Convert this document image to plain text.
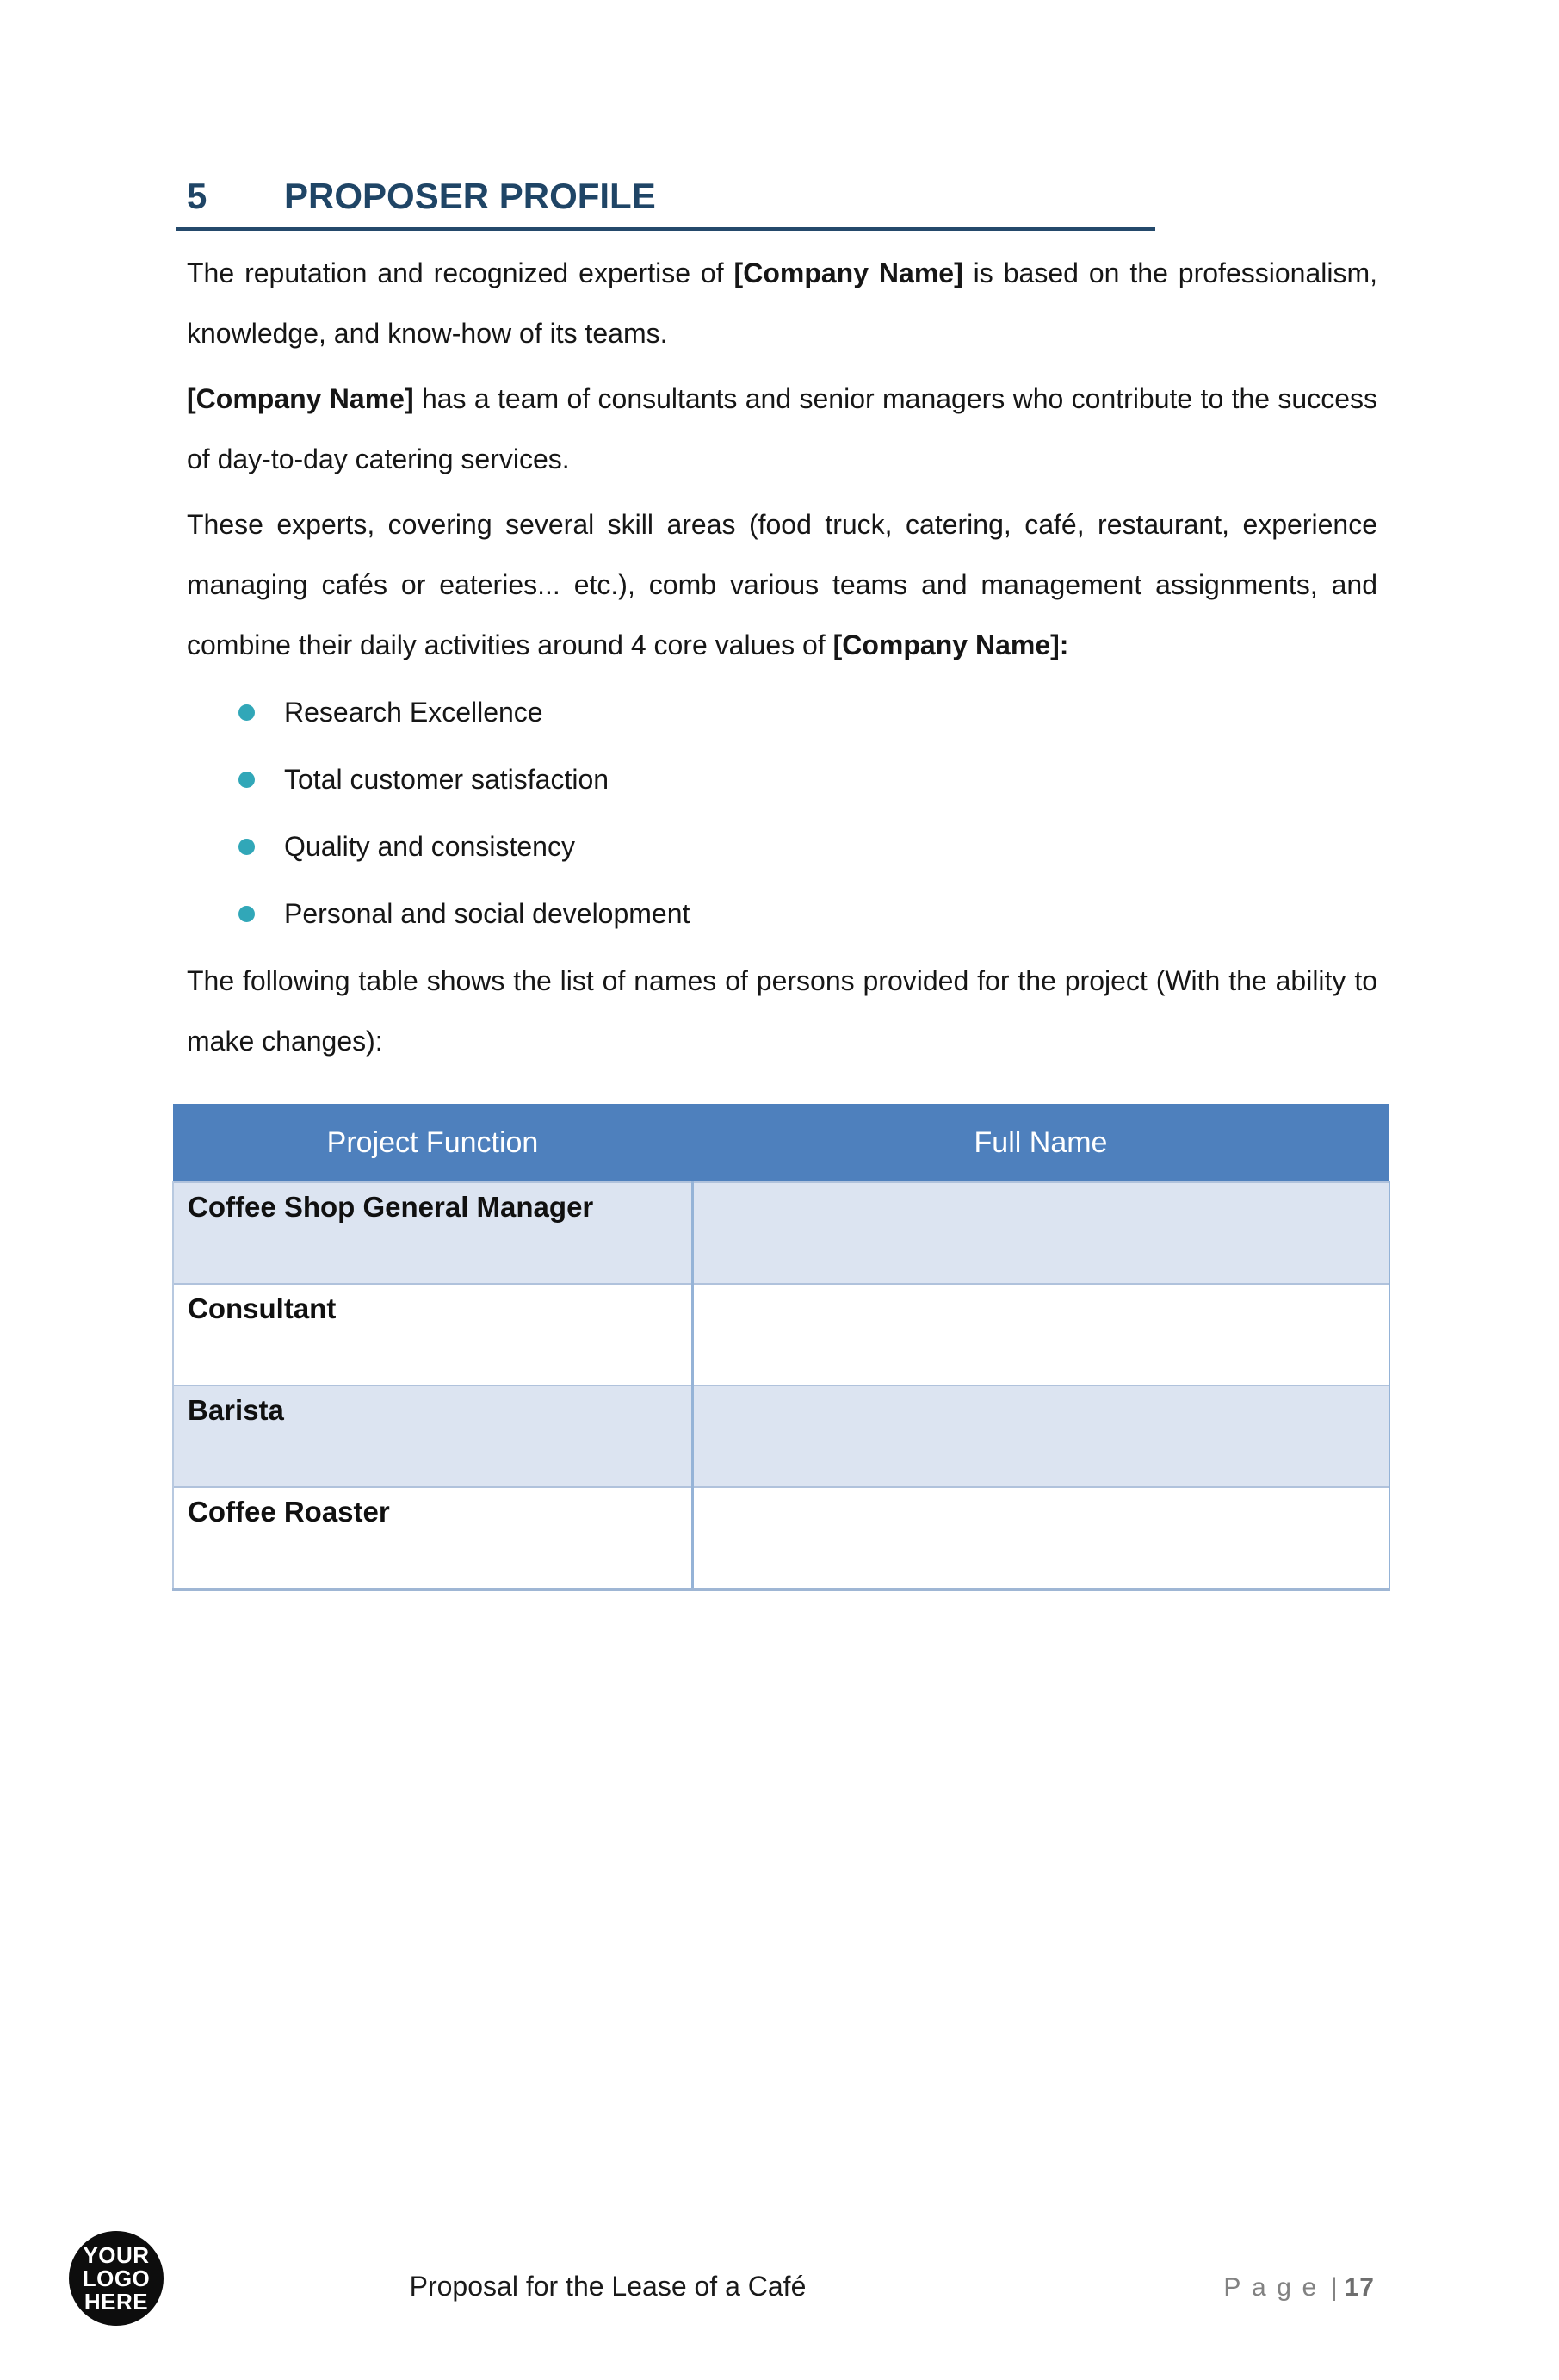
5 PROPOSER PROFILE

The reputation and recognized expertise of [Company Name] is based on the professionalism, knowledge, and know-how of its teams.

[Company Name] has a team of consultants and senior managers who contribute to the success of day-to-day catering services.

These experts, covering several skill areas (food truck, catering, café, restaurant, experience managing cafés or eateries... etc.), comb various teams and management assignments, and combine their daily activities around 4 core values of [Company Name]:

Research Excellence
Total customer satisfaction
Quality and consistency
Personal and social development

The following table shows the list of names of persons provided for the project (With the ability to make changes):

Project Function	Full Name
Coffee Shop General Manager	
Consultant	
Barista	
Coffee Roaster	
YOUR
LOGO
HERE	Proposal for the Lease of a Café	Page | 17
